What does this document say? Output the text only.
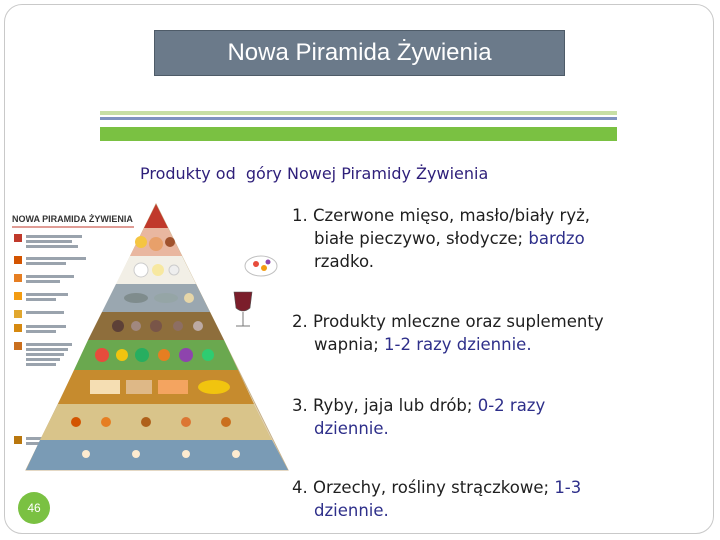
Nowa Piramida Żywienia
Produkty od  góry Nowej Piramidy Żywienia
NOWA PIRAMIDA ŻYWIENIA	1. Czerwone mięso, masło/biały ryż,
białe pieczywo, słodycze; bardzo
rzadko.
2. Produkty mleczne oraz suplementy
wapnia; 1-2 razy dziennie.
3. Ryby, jaja lub drób; 0-2 razy
dziennie.
4. Orzechy, rośliny strączkowe; 1-3
dziennie.
46
